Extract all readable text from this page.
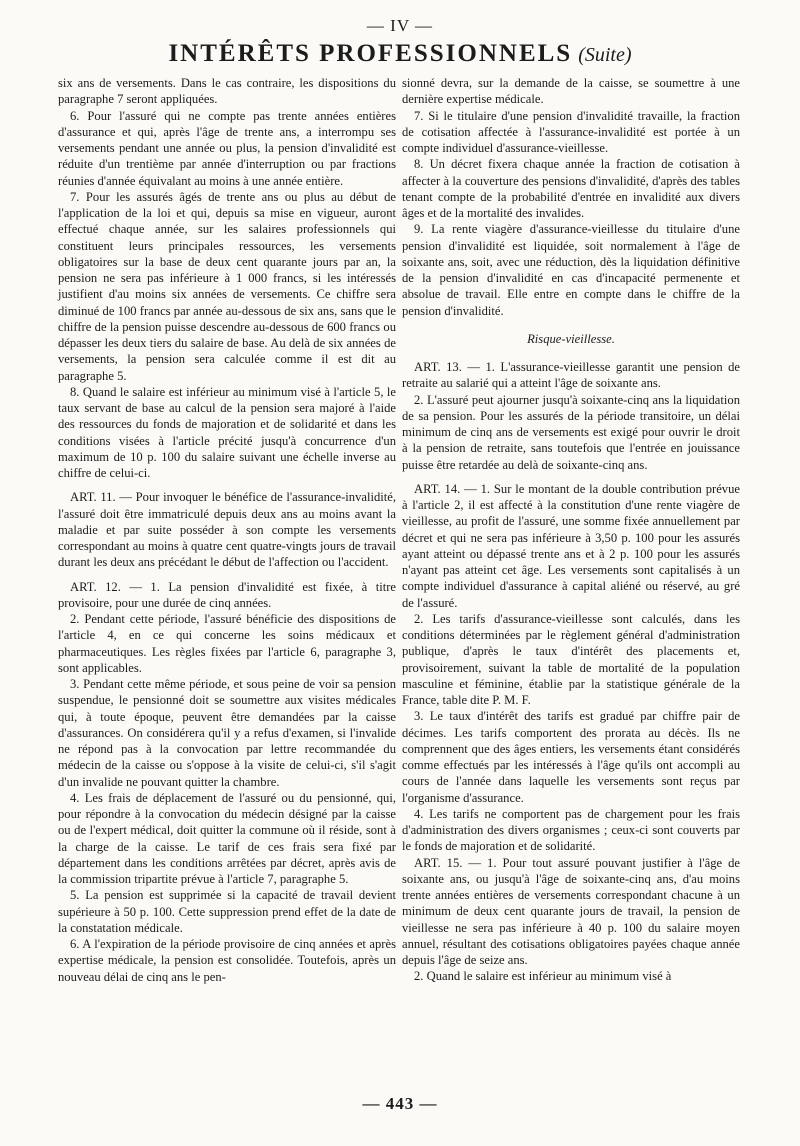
— IV —
INTÉRÊTS PROFESSIONNELS (Suite)

six ans de versements. Dans le cas contraire, les dispositions du paragraphe 7 seront appliquées.

6. Pour l'assuré qui ne compte pas trente années entières d'assurance et qui, après l'âge de trente ans, a interrompu ses versements pendant une année ou plus, la pension d'invalidité est réduite d'un trentième par année d'interruption ou par fractions réunies d'année équivalant au moins à une année entière.

7. Pour les assurés âgés de trente ans ou plus au début de l'application de la loi et qui, depuis sa mise en vigueur, auront effectué chaque année, sur les salaires professionnels qui constituent leurs principales ressources, les versements obligatoires sur la base de deux cent quarante jours par an, la pension ne sera pas inférieure à 1 000 francs, si les intéressés justifient d'au moins six années de versements. Ce chiffre sera diminué de 100 francs par année au-dessous de six ans, sans que le chiffre de la pension puisse descendre au-dessous de 600 francs ou dépasser les deux tiers du salaire de base. Au delà de six années de versements, la pension sera calculée comme il est dit au paragraphe 5.

8. Quand le salaire est inférieur au minimum visé à l'article 5, le taux servant de base au calcul de la pension sera majoré à l'aide des ressources du fonds de majoration et de solidarité et dans les conditions visées à l'article précité jusqu'à concurrence d'un maximum de 10 p. 100 du salaire suivant une échelle inverse au chiffre de celui-ci.

ART. 11. — Pour invoquer le bénéfice de l'assurance-invalidité, l'assuré doit être immatriculé depuis deux ans au moins avant la maladie et par suite posséder à son compte les versements correspondant au moins à quatre cent quatre-vingts jours de travail durant les deux ans précédant le début de l'affection ou l'accident.

ART. 12. — 1. La pension d'invalidité est fixée, à titre provisoire, pour une durée de cinq années.

2. Pendant cette période, l'assuré bénéficie des dispositions de l'article 4, en ce qui concerne les soins médicaux et pharmaceutiques. Les règles fixées par l'article 6, paragraphe 3, sont applicables.

3. Pendant cette même période, et sous peine de voir sa pension suspendue, le pensionné doit se soumettre aux visites médicales qui, à toute époque, peuvent être demandées par la caisse d'assurances. On considérera qu'il y a refus d'examen, si l'invalide ne répond pas à la convocation par lettre recommandée du médecin de la caisse ou s'oppose à la visite de celui-ci, s'il s'agit d'un invalide ne pouvant quitter la chambre.

4. Les frais de déplacement de l'assuré ou du pensionné, qui, pour répondre à la convocation du médecin désigné par la caisse ou de l'expert médical, doit quitter la commune où il réside, sont à la charge de la caisse. Le tarif de ces frais sera fixé par département dans les conditions arrêtées par décret, après avis de la commission tripartite prévue à l'article 7, paragraphe 5.

5. La pension est supprimée si la capacité de travail devient supérieure à 50 p. 100. Cette suppression prend effet de la date de la constatation médicale.

6. A l'expiration de la période provisoire de cinq années et après expertise médicale, la pension est consolidée. Toutefois, après un nouveau délai de cinq ans le pen-

sionné devra, sur la demande de la caisse, se soumettre à une dernière expertise médicale.

7. Si le titulaire d'une pension d'invalidité travaille, la fraction de cotisation affectée à l'assurance-invalidité est portée à un compte individuel d'assurance-vieillesse.

8. Un décret fixera chaque année la fraction de cotisation à affecter à la couverture des pensions d'invalidité, d'après des tables tenant compte de la probabilité d'entrée en invalidité aux divers âges et de la mortalité des invalides.

9. La rente viagère d'assurance-vieillesse du titulaire d'une pension d'invalidité est liquidée, soit normalement à l'âge de soixante ans, soit, avec une réduction, dès la liquidation définitive de la pension d'invalidité en cas d'incapacité permenente et absolue de travail. Elle entre en compte dans le chiffre de la pension d'invalidité.

Risque-vieillesse.

ART. 13. — 1. L'assurance-vieillesse garantit une pension de retraite au salarié qui a atteint l'âge de soixante ans.

2. L'assuré peut ajourner jusqu'à soixante-cinq ans la liquidation de sa pension. Pour les assurés de la période transitoire, un délai minimum de cinq ans de versements est exigé pour ouvrir le droit à la pension de retraite, sans toutefois que l'entrée en jouissance puisse être retardée au delà de soixante-cinq ans.

ART. 14. — 1. Sur le montant de la double contribution prévue à l'article 2, il est affecté à la constitution d'une rente viagère de vieillesse, au profit de l'assuré, une somme fixée annuellement par décret et qui ne sera pas inférieure à 3,50 p. 100 pour les assurés ayant atteint ou dépassé trente ans et à 2 p. 100 pour les assurés n'ayant pas atteint cet âge. Les versements sont capitalisés à un compte individuel d'assurance à capital aliéné ou réservé, au gré de l'assuré.

2. Les tarifs d'assurance-vieillesse sont calculés, dans les conditions déterminées par le règlement général d'administration publique, d'après le taux d'intérêt des placements et, provisoirement, suivant la table de mortalité de la population masculine et féminine, établie par la statistique générale de la France, table dite P. M. F.

3. Le taux d'intérêt des tarifs est gradué par chiffre pair de décimes. Les tarifs comportent des prorata au décès. Ils ne comprennent que des âges entiers, les versements étant considérés comme effectués par les intéressés à l'âge qu'ils ont accompli au cours de l'année dans laquelle les versements sont reçus par l'organisme d'assurance.

4. Les tarifs ne comportent pas de chargement pour les frais d'administration des divers organismes ; ceux-ci sont couverts par le fonds de majoration et de solidarité.

ART. 15. — 1. Pour tout assuré pouvant justifier à l'âge de soixante ans, ou jusqu'à l'âge de soixante-cinq ans, d'au moins trente années entières de versements correspondant chacune à un minimum de deux cent quarante jours de travail, la pension de vieillesse ne sera pas inférieure à 40 p. 100 du salaire moyen annuel, résultant des cotisations obligatoires payées chaque année depuis l'âge de seize ans.

2. Quand le salaire est inférieur au minimum visé à

— 443 —
